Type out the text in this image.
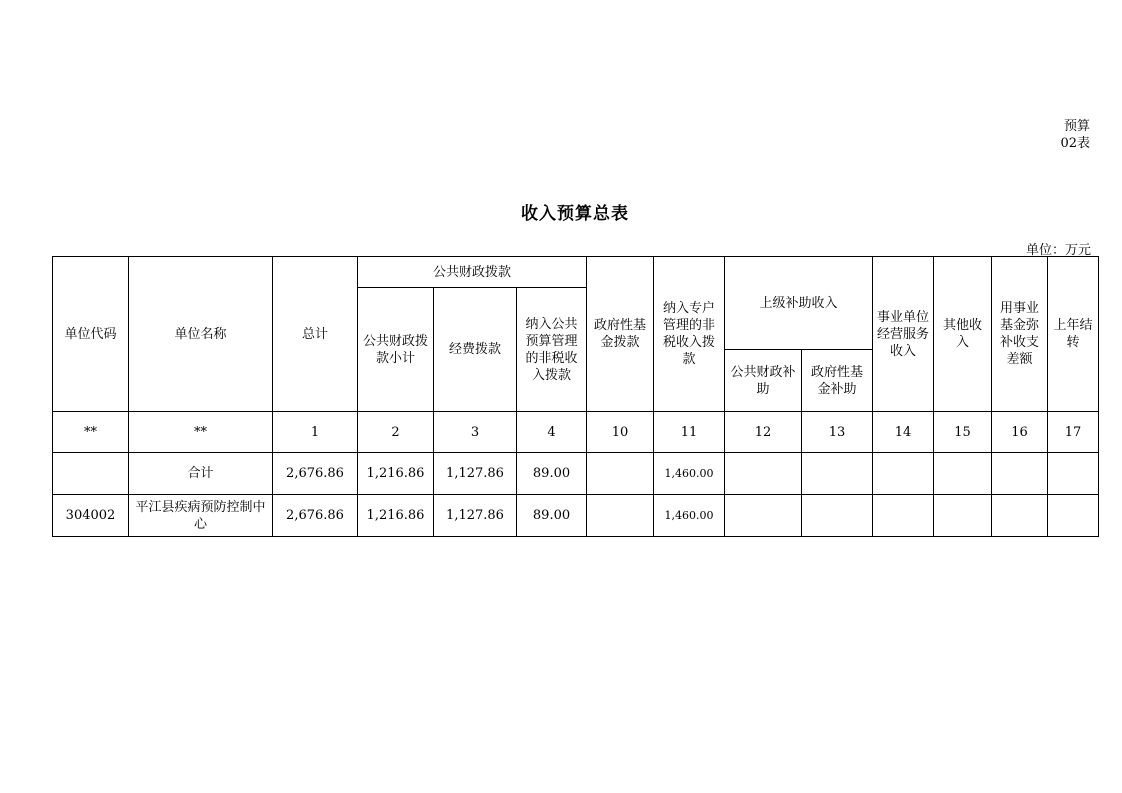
预算
02表
收入预算总表
单位：万元
单位代码	单位名称	总计	公共财政拨款			政府性基金拨款	纳入专户管理的非税收入拨款	上级补助收入		事业单位经营服务收入	其他收入	用事业基金弥补收支差额	上年结转
			公共财政拨款小计	经费拨款	纳入公共预算管理的非税收入拨款								
								公共财政补助	政府性基金补助				
**	**	1	2	3	4	10	11	12	13	14	15	16	17
	合计	2,676.86	1,216.86	1,127.86	89.00		1,460.00						
304002	平江县疾病预防控制中心	2,676.86	1,216.86	1,127.86	89.00		1,460.00						
